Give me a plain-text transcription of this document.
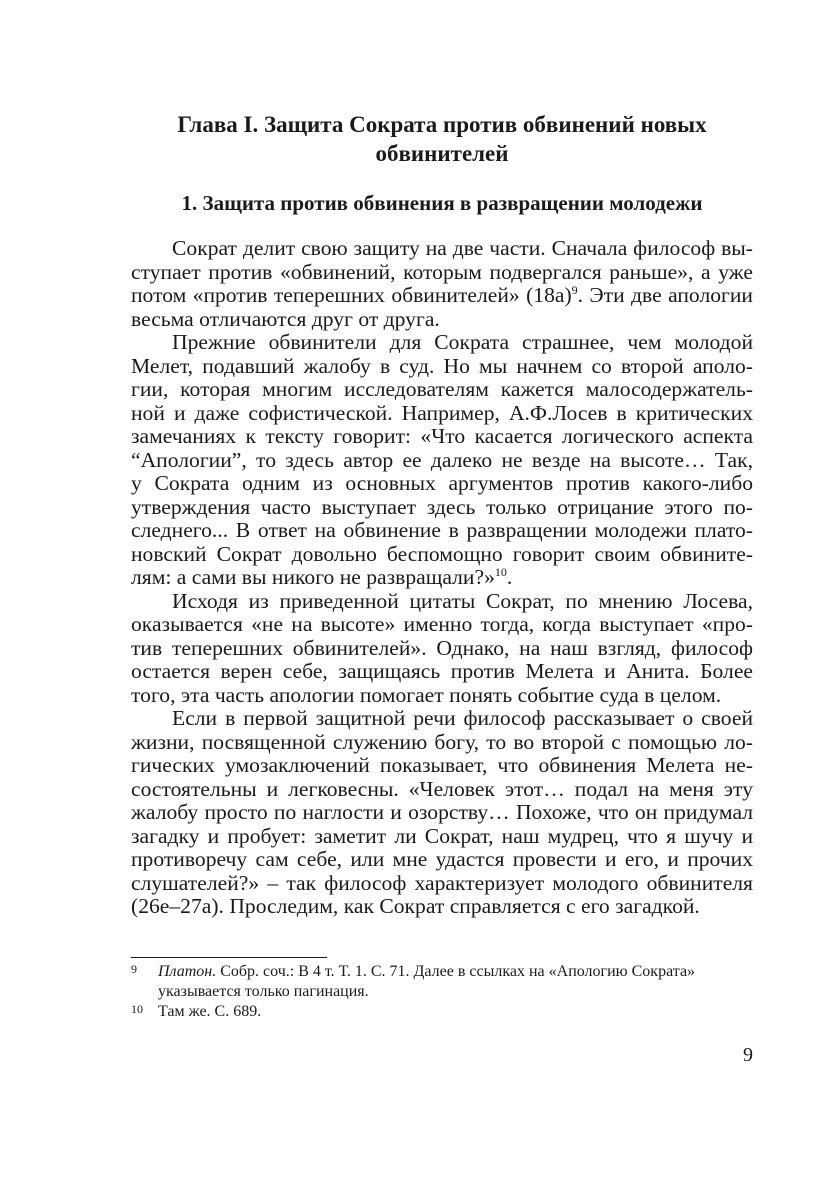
Глава I. Защита Сократа против обвинений новых
обвинителей
1. Защита против обвинения в развращении молодежи
Сократ делит свою защиту на две части. Сначала философ вы-
ступает против «обвинений, которым подвергался раньше», а уже
потом «против теперешних обвинителей» $(18а)^9$. Эти две апологии
весьма отличаются друг от друга.
Прежние обвинители для Сократа страшнее, чем молодой
Мелет, подавший жалобу в суд. Но мы начнем со второй аполо-
гии, которая многим исследователям кажется малосодержатель-
ной и даже софистической. Например, А.Ф.Лосев в критических
замечаниях к тексту говорит: «Что касается логического аспекта
“Апологии”, то здесь автор ее далеко не везде на высоте… Так,
у Сократа одним из основных аргументов против какого-либо
утверждения часто выступает здесь только отрицание этого по-
следнего... В ответ на обвинение в развращении молодежи плато-
новский Сократ довольно беспомощно говорит своим обвините-
лям: а сами вы никого не развращали?»$^{10}$.
Исходя из приведенной цитаты Сократ, по мнению Лосева,
оказывается «не на высоте» именно тогда, когда выступает «про-
тив теперешних обвинителей». Однако, на наш взгляд, философ
остается верен себе, защищаясь против Мелета и Анита. Более
того, эта часть апологии помогает понять событие суда в целом.
Если в первой защитной речи философ рассказывает о своей
жизни, посвященной служению богу, то во второй с помощью ло-
гических умозаключений показывает, что обвинения Мелета не-
состоятельны и легковесны. «Человек этот… подал на меня эту
жалобу просто по наглости и озорству… Похоже, что он придумал
загадку и пробует: заметит ли Сократ, наш мудрец, что я шучу и
противоречу сам себе, или мне удастся провести и его, и прочих
слушателей?» – так философ характеризует молодого обвинителя
(26е–27а). Проследим, как Сократ справляется с его загадкой.
9 Платон. Собр. соч.: В 4 т. Т. 1. С. 71. Далее в ссылках на «Апологию Сократа»
указывается только пагинация.
10 Там же. С. 689.
9
